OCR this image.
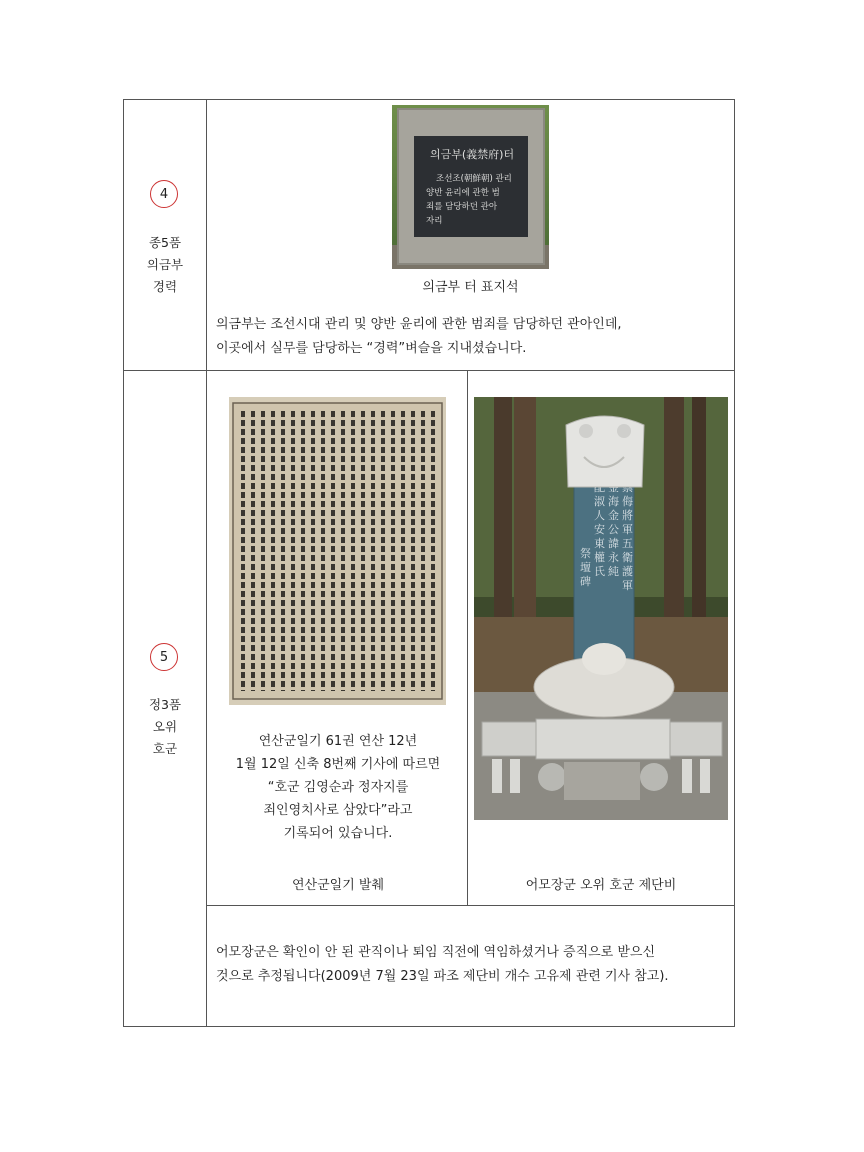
4
종5품
의금부
경력
의금부(義禁府)터
조선조(朝鮮朝) 관리
양반 윤리에 관한 범
죄를 담당하던 관아
자리
의금부 터 표지석
의금부는 조선시대 관리 및 양반 윤리에 관한 범죄를 담당하던 관아인데,
이곳에서 실무를 담당하는 “경력”벼슬을 지내셨습니다.
5
정3품
오위
호군	연산군일기 61권 연산 12년
1월 12일 신축 8번째 기사에 따르면
“호군 김영순과 정자지를
죄인영치사로 삼았다”라고
기록되어 있습니다.
연산군일기 발췌
侮將軍五衛護軍
海金公諱永純
淑人安東權氏
祭壇碑
어모장군 오위 호군 제단비
어모장군은 확인이 안 된 관직이나 퇴임 직전에 역임하셨거나 증직으로 받으신
것으로 추정됩니다(2009년 7월 23일 파조 제단비 개수 고유제 관련 기사 참고).
